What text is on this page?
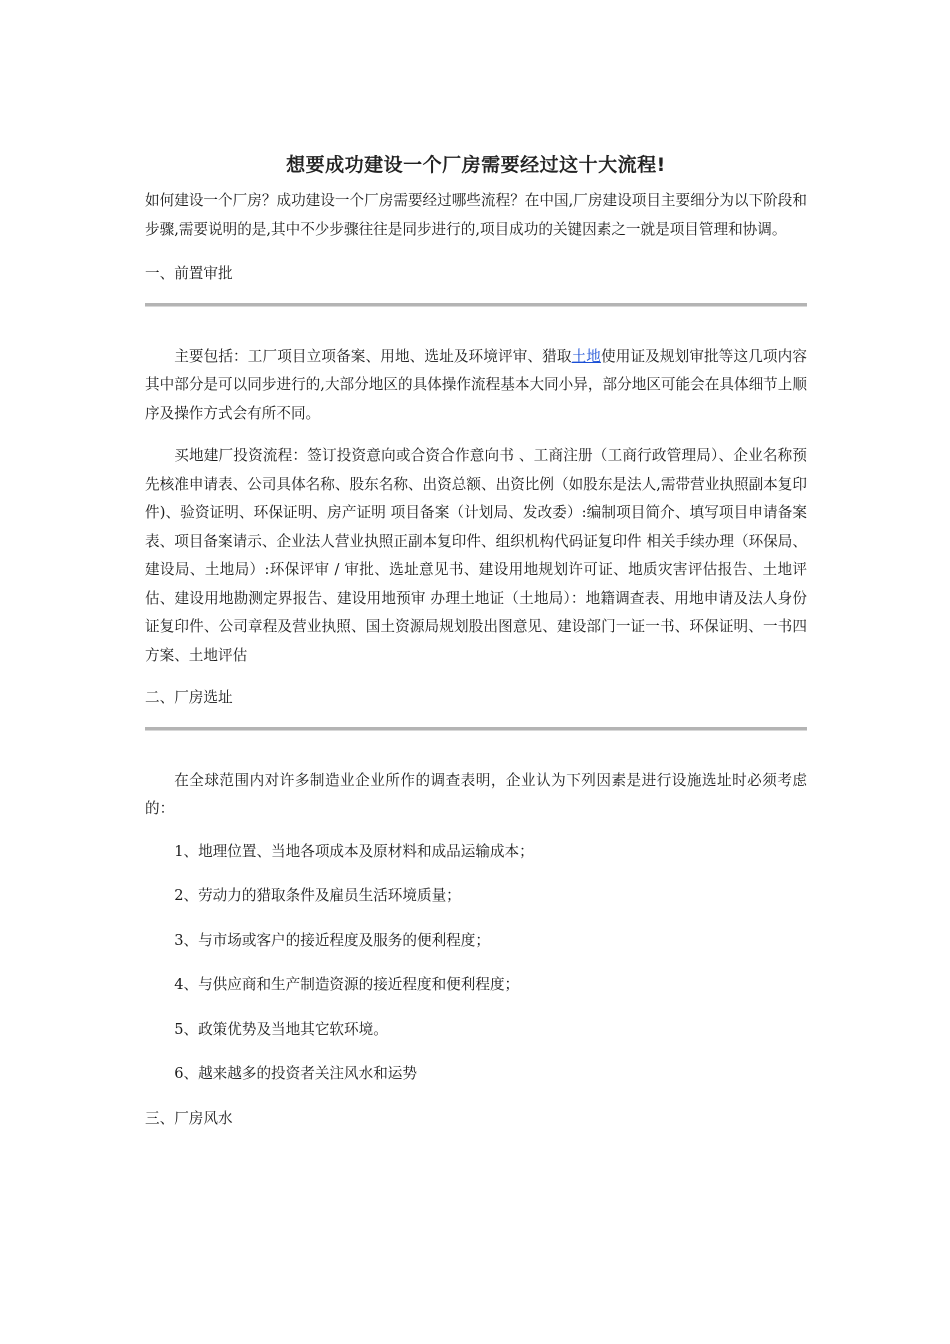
想要成功建设一个厂房需要经过这十大流程!

如何建设一个厂房？成功建设一个厂房需要经过哪些流程？在中国,厂房建设项目主要细分为以下阶段和步骤,需要说明的是,其中不少步骤往往是同步进行的,项目成功的关键因素之一就是项目管理和协调。

一、前置审批

主要包括：工厂项目立项备案、用地、选址及环境评审、猎取土地使用证及规划审批等这几项内容其中部分是可以同步进行的,大部分地区的具体操作流程基本大同小异，部分地区可能会在具体细节上顺序及操作方式会有所不同。

买地建厂投资流程：签订投资意向或合资合作意向书 、工商注册（工商行政管理局）、企业名称预先核准申请表、公司具体名称、股东名称、出资总额、出资比例（如股东是法人,需带营业执照副本复印件)、验资证明、环保证明、房产证明 项目备案（计划局、发改委）:编制项目简介、填写项目申请备案表、项目备案请示、企业法人营业执照正副本复印件、组织机构代码证复印件 相关手续办理（环保局、建设局、土地局）:环保评审 / 审批、选址意见书、建设用地规划许可证、地质灾害评估报告、土地评估、建设用地勘测定界报告、建设用地预审 办理土地证（土地局）：地籍调查表、用地申请及法人身份证复印件、公司章程及营业执照、国土资源局规划股出图意见、建设部门一证一书、环保证明、一书四方案、土地评估

二、厂房选址

在全球范围内对许多制造业企业所作的调查表明，企业认为下列因素是进行设施选址时必须考虑的：

1、地理位置、当地各项成本及原材料和成品运输成本；

2、劳动力的猎取条件及雇员生活环境质量；

3、与市场或客户的接近程度及服务的便利程度；

4、与供应商和生产制造资源的接近程度和便利程度；

5、政策优势及当地其它软环境。

6、越来越多的投资者关注风水和运势

三、厂房风水
